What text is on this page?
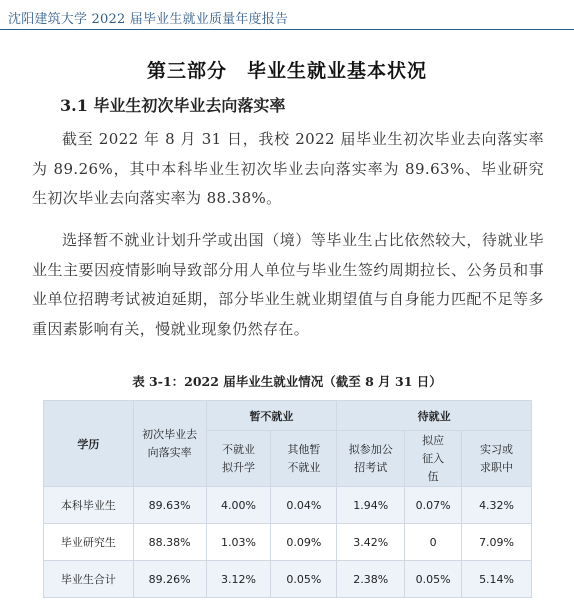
沈阳建筑大学 2022 届毕业生就业质量年度报告
第三部分　毕业生就业基本状况
3.1 毕业生初次毕业去向落实率
截至 2022 年 8 月 31 日，我校 2022 届毕业生初次毕业去向落实率为 89.26%，其中本科毕业生初次毕业去向落实率为 89.63%、毕业研究生初次毕业去向落实率为 88.38%。
选择暂不就业计划升学或出国（境）等毕业生占比依然较大，待就业毕业生主要因疫情影响导致部分用人单位与毕业生签约周期拉长、公务员和事业单位招聘考试被迫延期，部分毕业生就业期望值与自身能力匹配不足等多重因素影响有关，慢就业现象仍然存在。
表 3-1：2022 届毕业生就业情况（截至 8 月 31 日）
学历	初次毕业去向落实率	暂不就业		待就业		
		不就业拟升学	其他暂不就业	拟参加公招考试	拟应征入伍	实习或求职中
本科毕业生	89.63%	4.00%	0.04%	1.94%	0.07%	4.32%
毕业研究生	88.38%	1.03%	0.09%	3.42%	0	7.09%
毕业生合计	89.26%	3.12%	0.05%	2.38%	0.05%	5.14%
